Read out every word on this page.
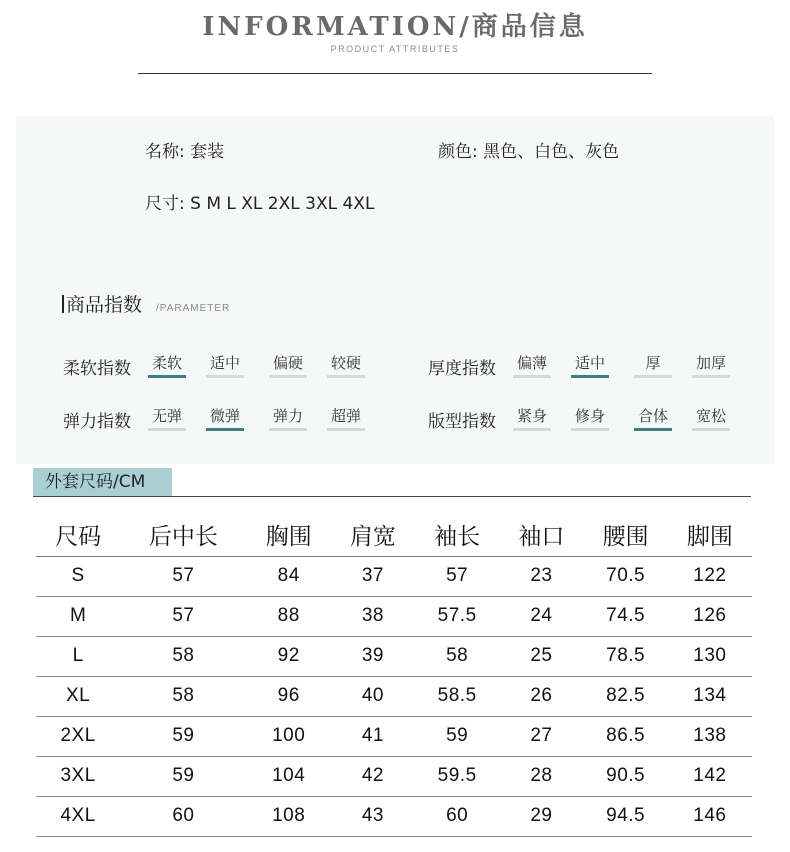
INFORMATION/商品信息
PRODUCT ATTRIBUTES
名称: 套装	颜色: 黑色、白色、灰色
尺寸: S M L XL 2XL 3XL 4XL
商品指数 /PARAMETER
柔软指数 柔软 适中 偏硬 较硬	厚度指数 偏薄 适中	厚	加厚
弹力指数 无弹 微弹 弹力 超弹	版型指数 紧身 修身 合体 宽松
外套尺码/CM
尺码	后中长	胸围	肩宽	袖长	袖口	腰围	脚围
S	57	84	37	57	23	70.5	122
M	57	88	38	57.5	24	74.5	126
L	58	92	39	58	25	78.5	130
XL	58	96	40	58.5	26	82.5	134
2XL	59	100	41	59	27	86.5	138
3XL	59	104	42	59.5	28	90.5	142
4XL	60	108	43	60	29	94.5	146
